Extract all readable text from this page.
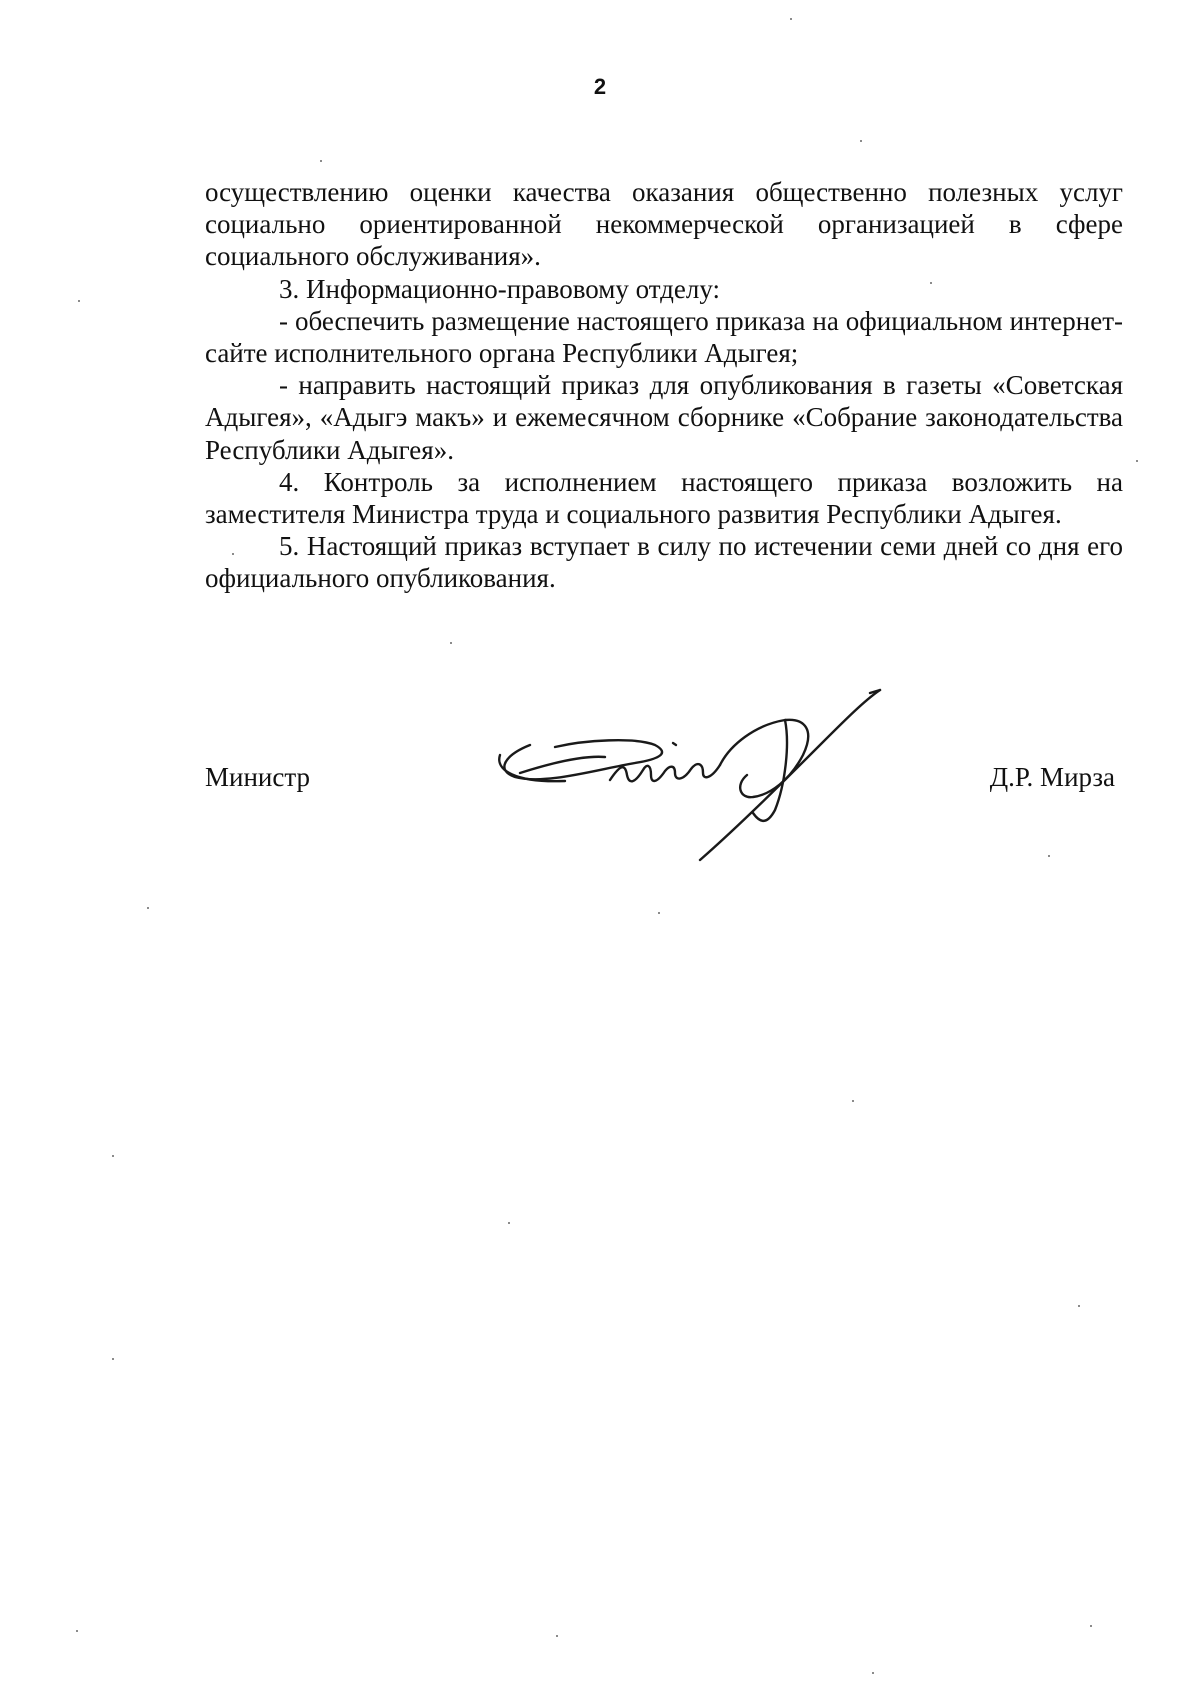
2

осуществлению оценки качества оказания общественно полезных услуг социально ориентированной некоммерческой организацией в сфере социального обслуживания».

3. Информационно-правовому отделу:

- обеспечить размещение настоящего приказа на официальном интернет-сайте исполнительного органа Республики Адыгея;

- направить настоящий приказ для опубликования в газеты «Советская Адыгея», «Адыгэ макъ» и ежемесячном сборнике «Собрание законодательства Республики Адыгея».

4. Контроль за исполнением настоящего приказа возложить на заместителя Министра труда и социального развития Республики Адыгея.

5. Настоящий приказ вступает в силу по истечении семи дней со дня его официального опубликования.

Министр	Д.Р. Мирза
